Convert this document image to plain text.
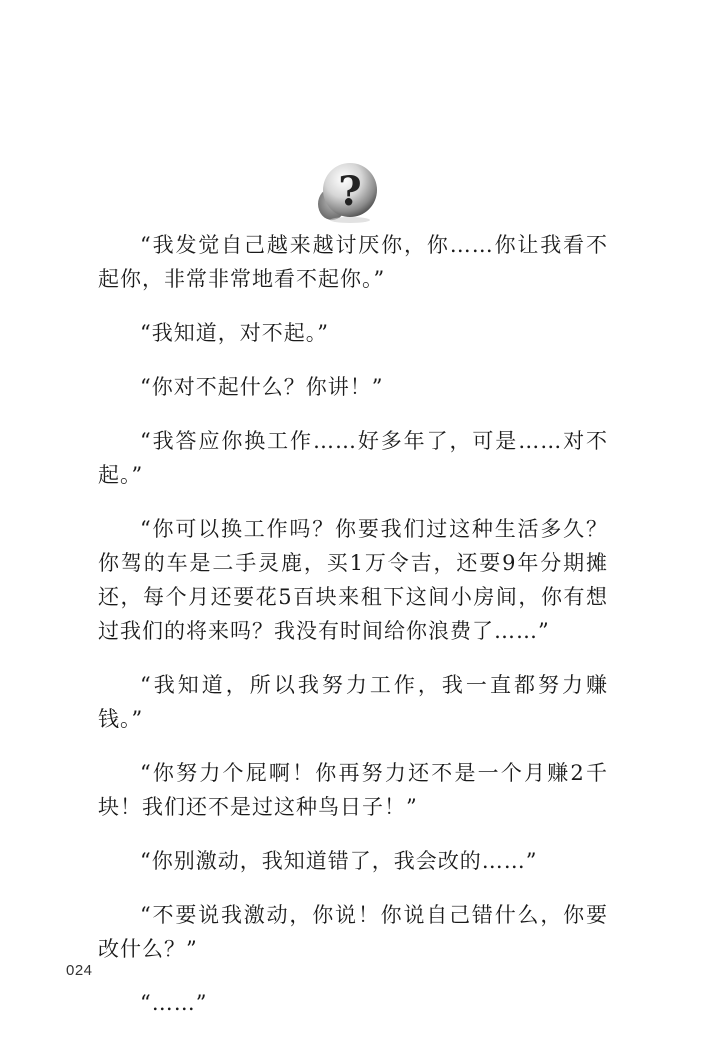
?

“我发觉自己越来越讨厌你，你……你让我看不起你，非常非常地看不起你。”

“我知道，对不起。”

“你对不起什么？你讲！”

“我答应你换工作……好多年了，可是……对不起。”

“你可以换工作吗？你要我们过这种生活多久？你驾的车是二手灵鹿，买1万令吉，还要9年分期摊还，每个月还要花5百块来租下这间小房间，你有想过我们的将来吗？我没有时间给你浪费了……”

“我知道，所以我努力工作，我一直都努力赚钱。”

“你努力个屁啊！你再努力还不是一个月赚2千块！我们还不是过这种鸟日子！”

“你别激动，我知道错了，我会改的……”

“不要说我激动，你说！你说自己错什么，你要改什么？”

“……”

024
